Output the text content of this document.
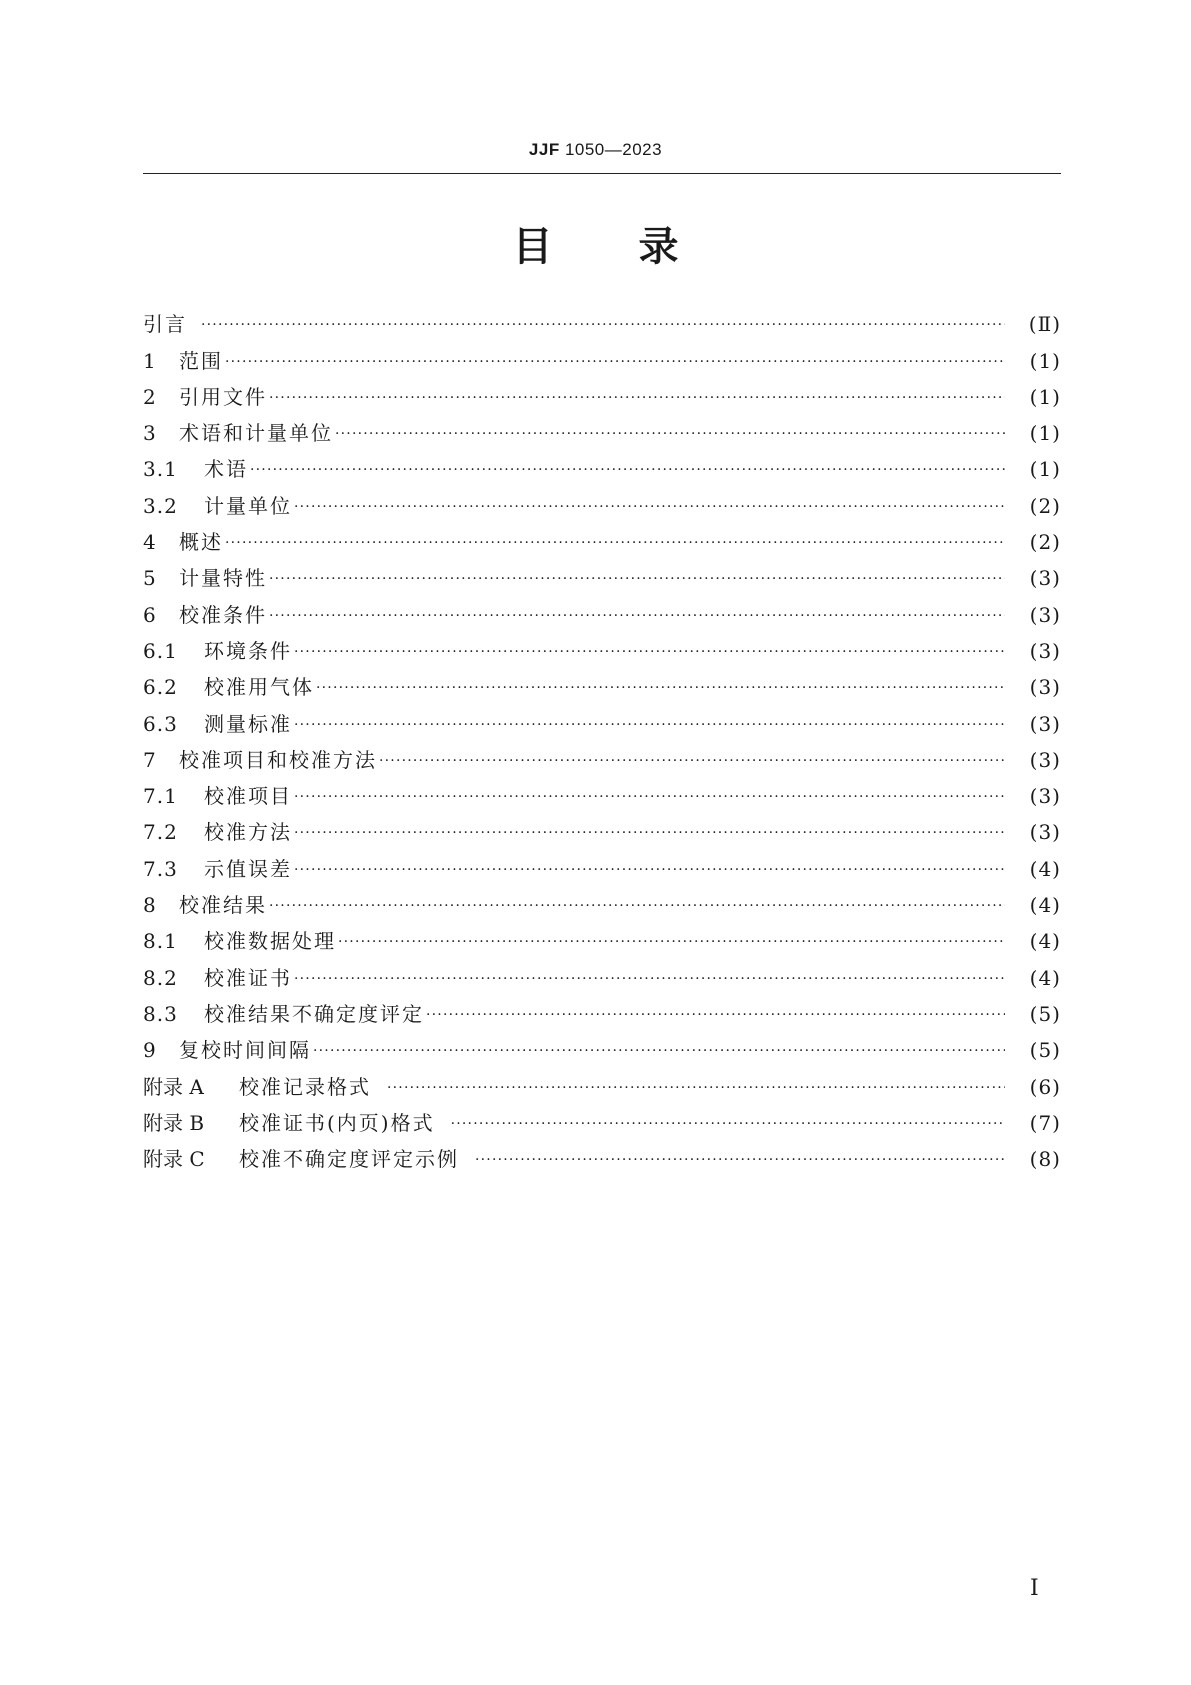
JJF 1050—2023
目录
引言 ·····	(Ⅱ)
1	范围 ·····	(1)
2	引用文件 ·····	(1)
3	术语和计量单位 ·····	(1)
3.1	术语 ·····	(1)
3.2	计量单位 ·····	(2)
4	概述 ·····	(2)
5	计量特性 ·····	(3)
6	校准条件 ·····	(3)
6.1	环境条件 ·····	(3)
6.2	校准用气体 ·····	(3)
6.3	测量标准 ·····	(3)
7	校准项目和校准方法 ·····	(3)
7.1	校准项目 ·····	(3)
7.2	校准方法 ·····	(3)
7.3	示值误差 ·····	(4)
8	校准结果 ·····	(4)
8.1	校准数据处理 ·····	(4)
8.2	校准证书 ·····	(4)
8.3	校准结果不确定度评定 ·····	(5)
9	复校时间间隔 ·····	(5)
附录 A	校准记录格式 ·····	(6)
附录 B	校准证书(内页)格式 ·····	(7)
附录 C	校准不确定度评定示例 ·····	(8)
I
